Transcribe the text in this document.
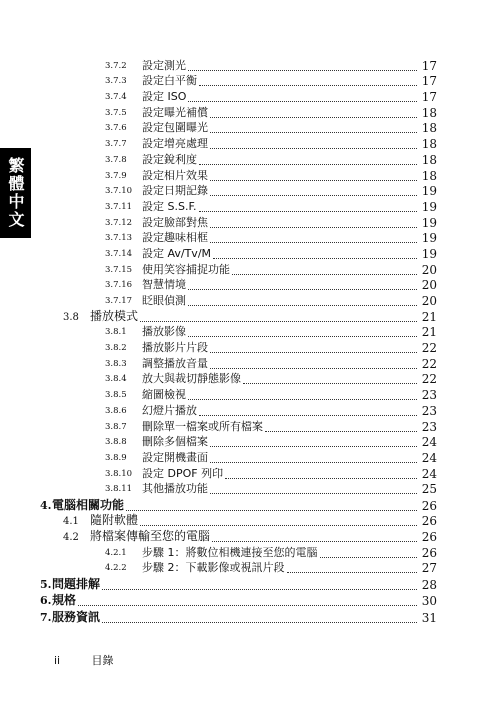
繁體中文
3.7.2	設定測光	17
3.7.3	設定白平衡	17
3.7.4	設定 ISO	17
3.7.5	設定曝光補償	18
3.7.6	設定包圍曝光	18
3.7.7	設定增亮處理	18
3.7.8	設定銳利度	18
3.7.9	設定相片效果	18
3.7.10 設定日期記錄	19
3.7.11 設定 S.S.F.	19
3.7.12 設定臉部對焦	19
3.7.13 設定趣味相框	19
3.7.14 設定 Av/Tv/M	19
3.7.15 使用笑容捕捉功能	20
3.7.16 智慧情境	20
3.7.17 眨眼偵測	20
3.8 播放模式	21
3.8.1	播放影像	21
3.8.2	播放影片片段	22
3.8.3	調整播放音量	22
3.8.4	放大與裁切靜態影像	22
3.8.5	縮圖檢視	23
3.8.6	幻燈片播放	23
3.8.7	刪除單一檔案或所有檔案	23
3.8.8	刪除多個檔案	24
3.8.9	設定開機畫面	24
3.8.10 設定 DPOF 列印	24
3.8.11 其他播放功能	25
4. 電腦相關功能	26
4.1 隨附軟體	26
4.2 將檔案傳輸至您的電腦	26
4.2.1	步驟 1：將數位相機連接至您的電腦	26
4.2.2	步驟 2：下載影像或視訊片段	27
5. 問題排解	28
6. 規格	30
7. 服務資訊	31
ii	目錄
